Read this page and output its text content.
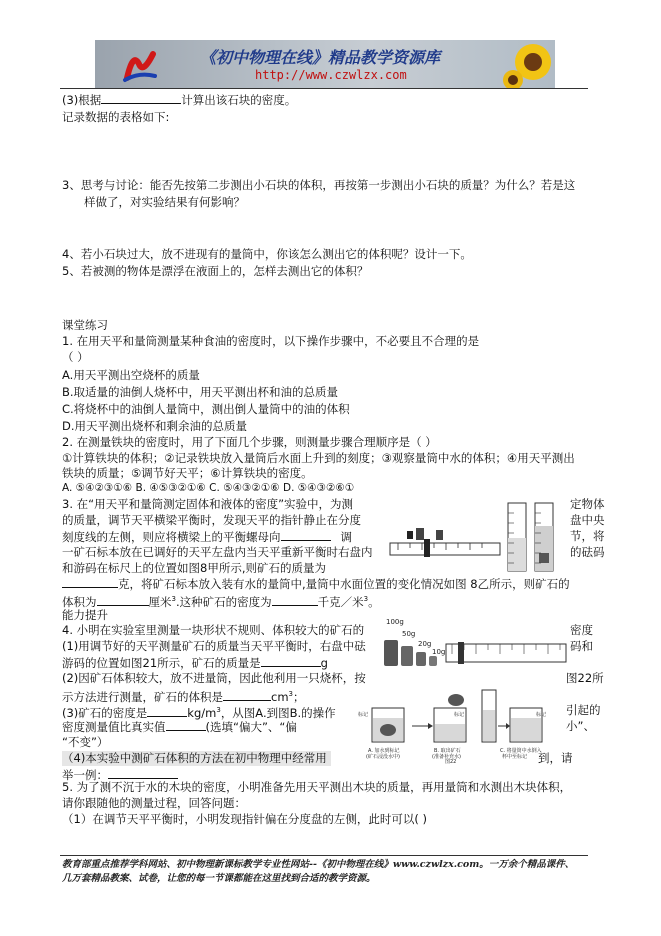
《初中物理在线》精品教学资源库
http://www.czwlzx.com
(3)根据	计算出该石块的密度。
记录数据的表格如下:
3、思考与讨论：能否先按第二步测出小石块的体积，再按第一步测出小石块的质量？为什么？若是这
样做了，对实验结果有何影响？
4、若小石块过大，放不进现有的量筒中，你该怎么测出它的体积呢？设计一下。
5、若被测的物体是漂浮在液面上的，怎样去测出它的体积？
课堂练习
1. 在用天平和量筒测量某种食油的密度时，以下操作步骤中，不必要且不合理的是
（ ）
A.用天平测出空烧杯的质量
B.取适量的油倒人烧杯中，用天平测出杯和油的总质量
C.将烧杯中的油倒人量筒中，测出倒人量筒中的油的体积
D.用天平测出烧杯和剩余油的总质量
2. 在测量铁块的密度时，用了下面几个步骤，则测量步骤合理顺序是（ ）
①计算铁块的体积；②记录铁块放入量筒后水面上升到的刻度；③观察量筒中水的体积；④用天平测出
铁块的质量；⑤调节好天平；⑥计算铁块的密度。
A. ⑤④②③①⑥ B. ④⑤③②①⑥ C. ⑤④③②①⑥ D. ⑤④③②⑥①
3. 在“用天平和量筒测定固体和液体的密度”实验中，为测	定物体
的质量，调节天平横梁平衡时，发现天平的指针静止在分度	盘中央
刻度线的左侧，则应将横梁上的平衡螺母向	调	节，将
一矿石标本放在已调好的天平左盘内当天平重新平衡时右盘内	的砝码
和游码在标尺上的位置如图8甲所示,则矿石的质量为
克，将矿石标本放入装有水的量筒中,量筒中水面位置的变化情况如图 8乙所示，则矿石的
体积为	厘米$^3$.这种矿石的密度为	千克／米$^3$。
能力提升
4. 小明在实验室里测量一块形状不规则、体积较大的矿石的	密度
(1)用调节好的天平测量矿石的质量当天平平衡时，右盘中砝	码和
游码的位置如图21所示，矿石的质量是	g
(2)因矿石体积较大，放不进量筒，因此他利用一只烧杯，按	图22所
示方法进行测量，矿石的体积是	$cm^3$；
(3)矿石的密度是	$kg/m^3$，从图A.到图B.的操作	引起的
密度测量值比真实值	(选填“偏大”、“偏	小”、
“不变”）
（4)本实验中测矿石体积的方法在初中物理中经常用	到，请
举一例：
100g
50g
20g
10g
标记	标记	标记
A. 加水到标记
(矿石浸没水中)
B. 取出矿石
(准备补充水)
C. 将量筒中水倒入
杯中至标记
图22
5. 为了测不沉于水的木块的密度，小明准备先用天平测出木块的质量，再用量筒和水测出木块体积，
请你跟随他的测量过程，回答问题：
（1）在调节天平平衡时，小明发现指针偏在分度盘的左侧，此时可以( )
教育部重点推荐学科网站、初中物理新课标教学专业性网站--《初中物理在线》www.czwlzx.com。一万余个精品课件、
几万套精品教案、试卷，让您的每一节课都能在这里找到合适的教学资源。
